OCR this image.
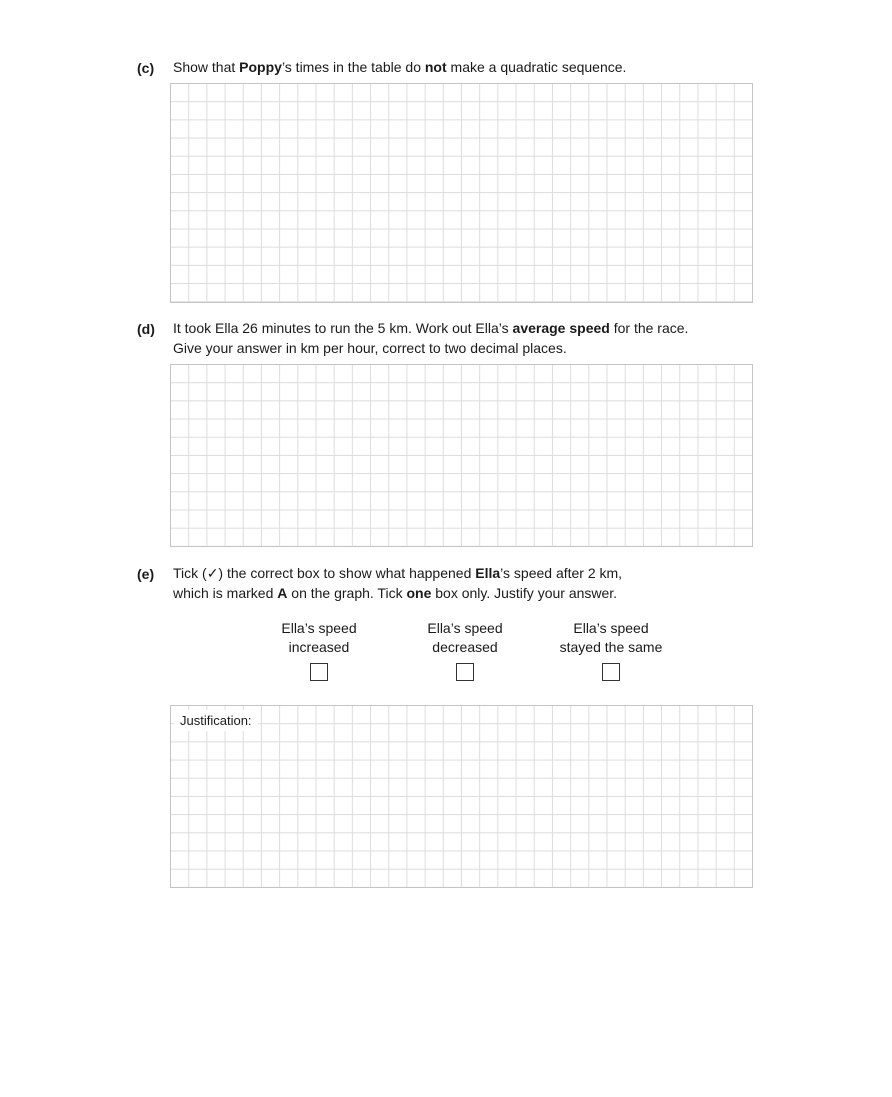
(c) Show that Poppy’s times in the table do not make a quadratic sequence.
(d) It took Ella 26 minutes to run the 5 km. Work out Ella’s average speed for the race.
Give your answer in km per hour, correct to two decimal places.
(e) Tick (✓) the correct box to show what happened Ella’s speed after 2 km,
which is marked A on the graph. Tick one box only. Justify your answer.
Ella’s speed
increased
Ella’s speed
decreased
Ella’s speed
stayed the same
Justification:
